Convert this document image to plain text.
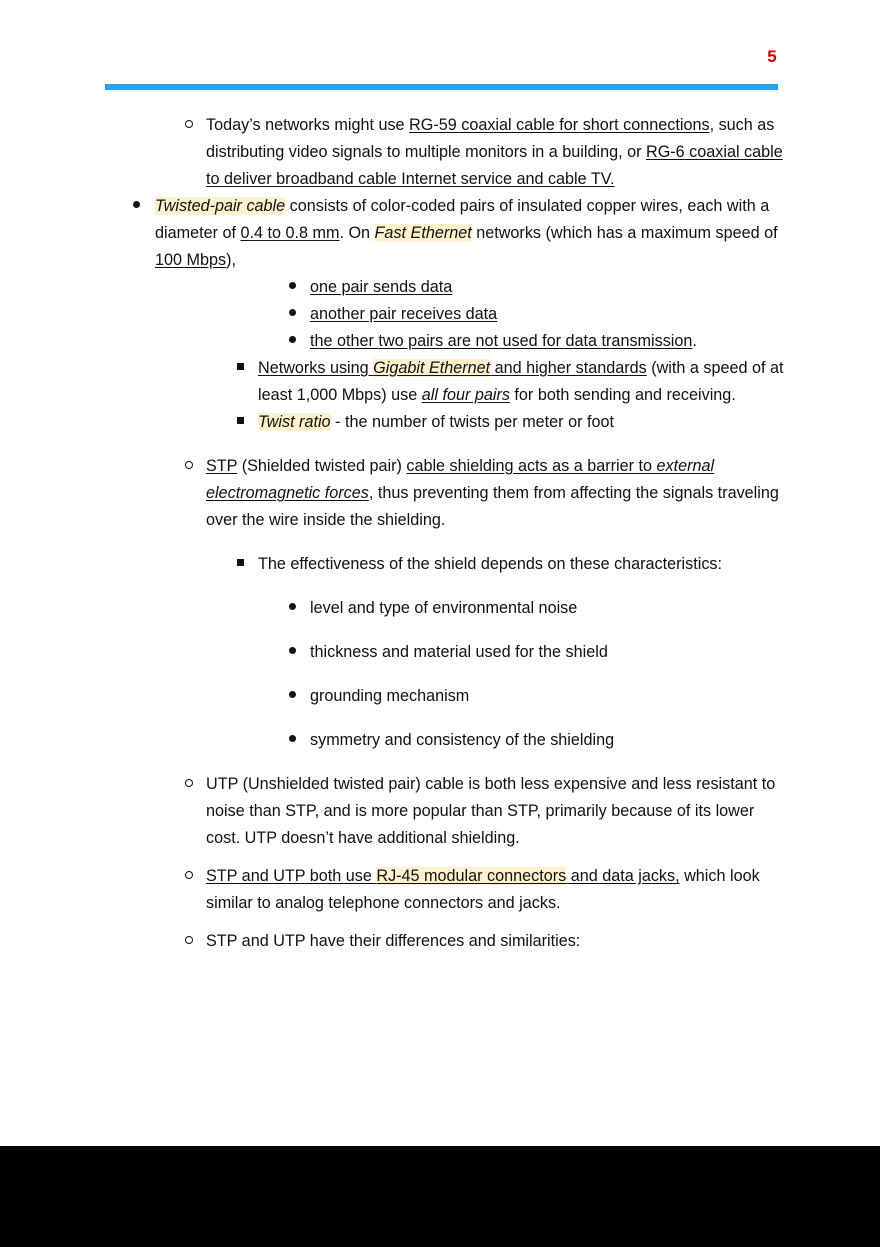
5
Today’s networks might use RG-59 coaxial cable for short connections, such as distributing video signals to multiple monitors in a building, or RG-6 coaxial cable to deliver broadband cable Internet service and cable TV.
Twisted-pair cable consists of color-coded pairs of insulated copper wires, each with a diameter of 0.4 to 0.8 mm. On Fast Ethernet networks (which has a maximum speed of 100 Mbps),
one pair sends data
another pair receives data
the other two pairs are not used for data transmission.
Networks using Gigabit Ethernet and higher standards (with a speed of at least 1,000 Mbps) use all four pairs for both sending and receiving.
Twist ratio - the number of twists per meter or foot
STP (Shielded twisted pair) cable shielding acts as a barrier to external electromagnetic forces, thus preventing them from affecting the signals traveling over the wire inside the shielding.
The effectiveness of the shield depends on these characteristics:
level and type of environmental noise
thickness and material used for the shield
grounding mechanism
symmetry and consistency of the shielding
UTP (Unshielded twisted pair) cable is both less expensive and less resistant to noise than STP, and is more popular than STP, primarily because of its lower cost. UTP doesn’t have additional shielding.
STP and UTP both use RJ-45 modular connectors and data jacks, which look similar to analog telephone connectors and jacks.
STP and UTP have their differences and similarities:
